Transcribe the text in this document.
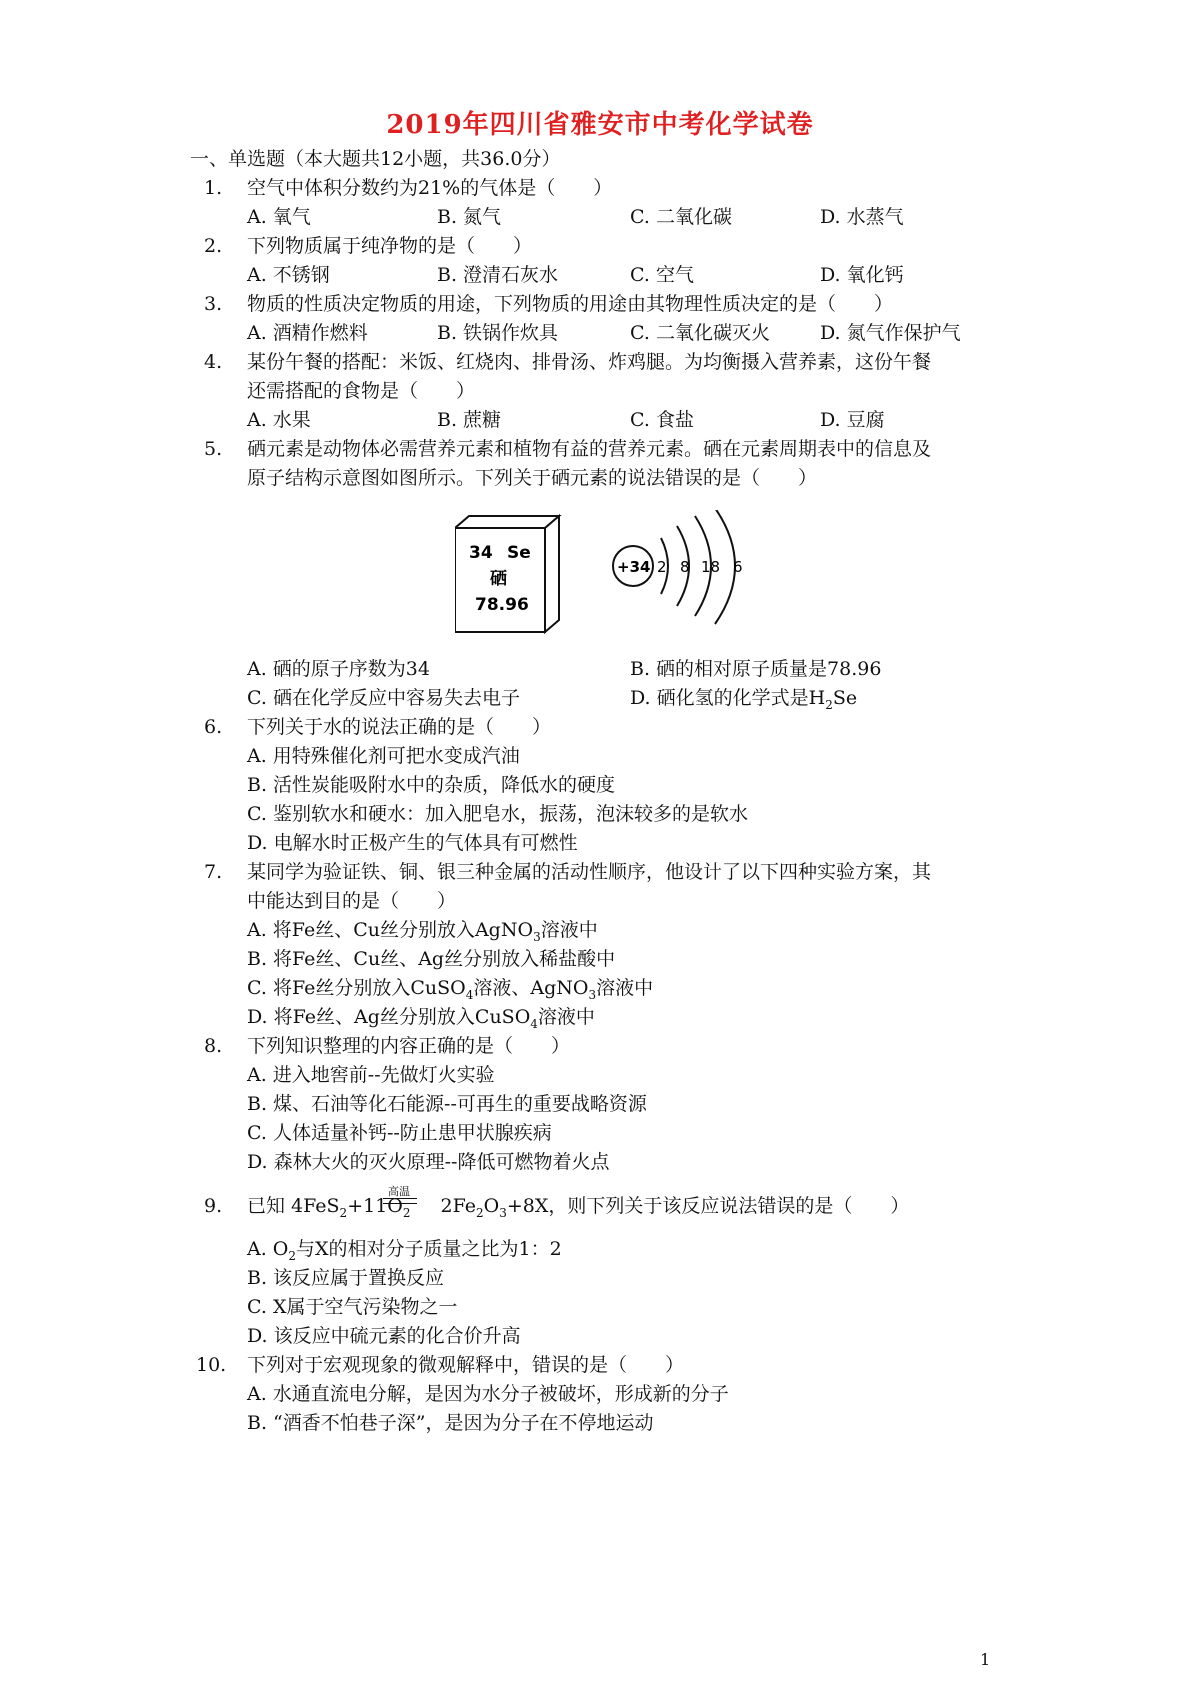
2019年四川省雅安市中考化学试卷
一、单选题（本大题共12小题，共36.0分）
1. 空气中体积分数约为21%的气体是（　　）
A. 氧气	B. 氮气	C. 二氧化碳	D. 水蒸气
2. 下列物质属于纯净物的是（　　）
A. 不锈钢	B. 澄清石灰水	C. 空气	D. 氧化钙
3. 物质的性质决定物质的用途，下列物质的用途由其物理性质决定的是（　　）
A. 酒精作燃料	B. 铁锅作炊具	C. 二氧化碳灭火	D. 氮气作保护气
4. 某份午餐的搭配：米饭、红烧肉、排骨汤、炸鸡腿。为均衡摄入营养素，这份午餐
还需搭配的食物是（　　）
A. 水果	B. 蔗糖	C. 食盐	D. 豆腐
5. 硒元素是动物体必需营养元素和植物有益的营养元素。硒在元素周期表中的信息及
原子结构示意图如图所示。下列关于硒元素的说法错误的是（　　）
34 Se
硒
78.96
+34 2 8 18 6
A. 硒的原子序数为34	B. 硒的相对原子质量是78.96
C. 硒在化学反应中容易失去电子	D. 硒化氢的化学式是$H_2Se$
6. 下列关于水的说法正确的是（　　）
A. 用特殊催化剂可把水变成汽油
B. 活性炭能吸附水中的杂质，降低水的硬度
C. 鉴别软水和硬水：加入肥皂水，振荡，泡沫较多的是软水
D. 电解水时正极产生的气体具有可燃性
7. 某同学为验证铁、铜、银三种金属的活动性顺序，他设计了以下四种实验方案，其
中能达到目的是（　　）
A. 将Fe丝、Cu丝分别放入AgNO$_3$溶液中
B. 将Fe丝、Cu丝、Ag丝分别放入稀盐酸中
C. 将Fe丝分别放入CuSO$_4$溶液、AgNO$_3$溶液中
D. 将Fe丝、Ag丝分别放入CuSO$_4$溶液中
8. 下列知识整理的内容正确的是（　　）
A. 进入地窖前--先做灯火实验
B. 煤、石油等化石能源--可再生的重要战略资源
C. 人体适量补钙--防止患甲状腺疾病
D. 森林大火的灭火原理--降低可燃物着火点
高温
9. 已知 $4FeS_2+11O_2$ $2Fe_2O_3+8X$，则下列关于该反应说法错误的是（　　）
A. $O_2$与X的相对分子质量之比为1：2
B. 该反应属于置换反应
C. X属于空气污染物之一
D. 该反应中硫元素的化合价升高
10. 下列对于宏观现象的微观解释中，错误的是（　　）
A. 水通直流电分解，是因为水分子被破坏，形成新的分子
B. “酒香不怕巷子深”，是因为分子在不停地运动
1
